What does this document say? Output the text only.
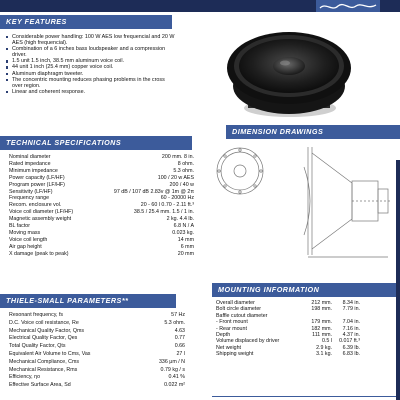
KEY FEATURES
Considerable power handling: 100 W AES low frequencial and 20 W AES (high frequencial).
Combination of a 6 inches bass loudspeaker and a compression driver.
1.5 unit 1.5 inch, 38.5 mm aluminum voice coil.
44 unit 1 inch (25.4 mm) copper voice coil.
Aluminum diaphragm tweeter.
The concentric mounting reduces phasing problems in the cross over region.
Linear and coherent response.
TECHNICAL SPECIFICATIONS
Nominal diameter	200 mm. 8 in.
Rated impedance	8 ohm.
Minimum impedance	5.3 ohm.
Power capacity (LF/HF)	100 / 20 w AES
Program power (LF/HF)	200 / 40 w
Sensitivity (LF/HF)	97 dB / 107 dB 2.83v @ 1m @ 2π
Frequency range	60 - 20000 Hz
Recom. enclosure vol.	20 - 60 l 0.70 - 2.11 ft.³
Voice coil diameter (LF/HF)	38.5 / 25.4 mm. 1.5 / 1 in.
Magnetic assembly weight	2 kg. 4.4 lb.
BL factor	6.8 N / A
Moving mass	0.023 kg.
Voice coil length	14 mm
Air gap height	6 mm
X damage (peak to peak)	20 mm
DIMENSION DRAWINGS
THIELE-SMALL PARAMETERS**
Resonant frequency, fs	57 Hz
D.C. Voice coil resistance, Re	5.3 ohm.
Mechanical Quality Factor, Qms	4.63
Electrical Quality Factor, Qes	0.77
Total Quality Factor, Qts	0.66
Equivalent Air Volume to Cms, Vas	27 l
Mechanical Compliance, Cms	336 μm / N
Mechanical Resistance, Rms	0.79 kg / s
Efficiency, ηo	0.41 %
Effective Surface Area, Sd	0.022 m²
MOUNTING INFORMATION
Overall diameter	212 mm.	8.34 in.
Bolt circle diameter	198 mm.	7.79 in.
Baffle cutout diameter
- Front mount	179 mm.	7.04 in.
- Rear mount	182 mm.	7.16 in.
Depth	111 mm.	4.37 in.
Volume displaced by driver	0.5 l	0.017 ft.³
Net weight	2.9 kg.	6.39 lb.
Shipping weight	3.1 kg.	6.83 lb.
